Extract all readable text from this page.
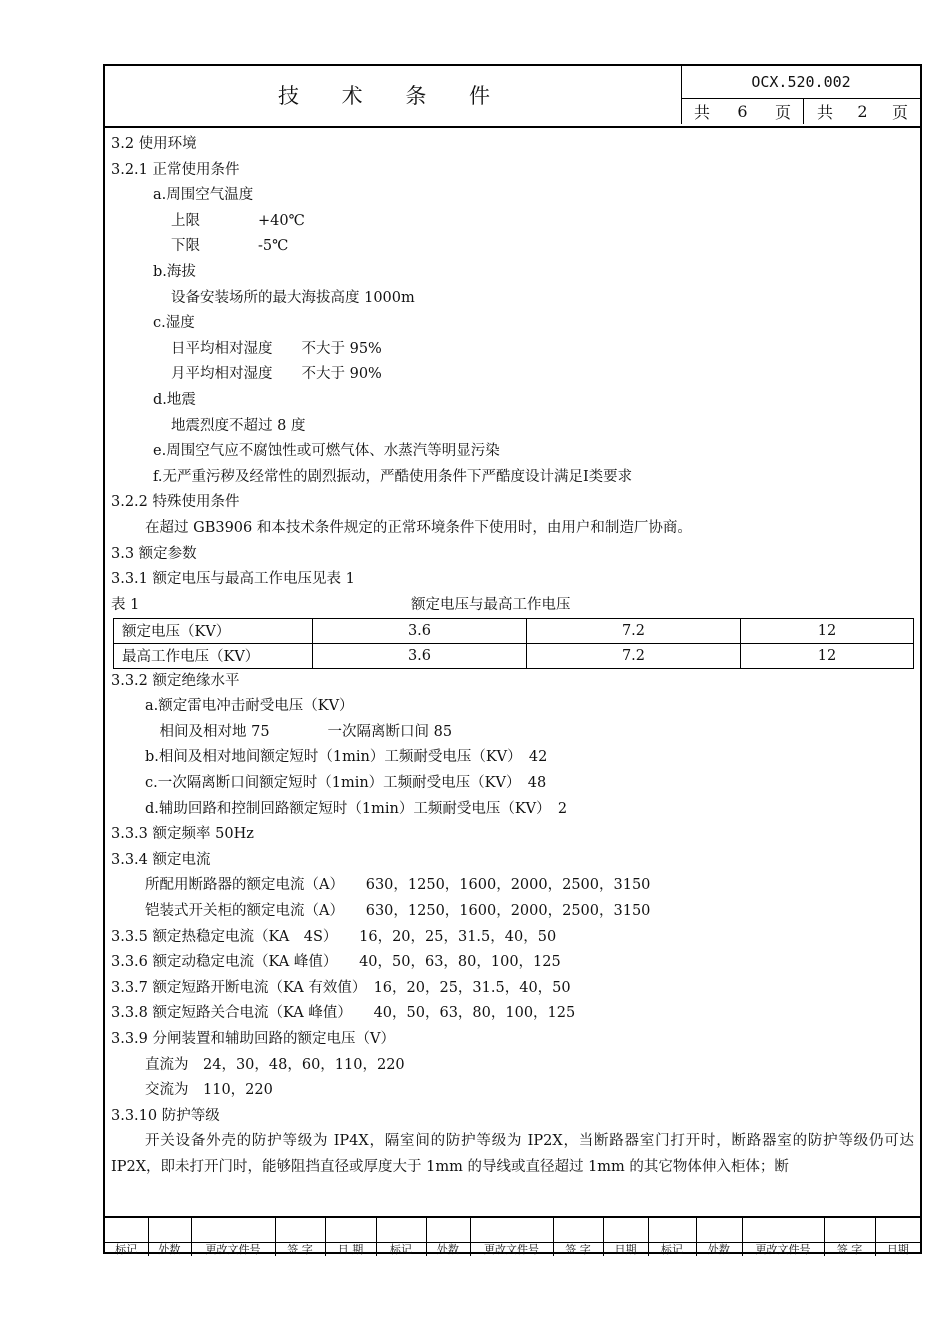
技 术 条 件
OCX.520.002
共 6 页 共 2 页
3.2 使用环境
3.2.1 正常使用条件
a.周围空气温度
上限　　　　+40℃
下限　　　　-5℃
b.海拔
设备安装场所的最大海拔高度 1000m
c.湿度
日平均相对湿度　　不大于 95%
月平均相对湿度　　不大于 90%
d.地震
地震烈度不超过 8 度
e.周围空气应不腐蚀性或可燃气体、水蒸汽等明显污染
f.无严重污秽及经常性的剧烈振动，严酷使用条件下严酷度设计满足Ⅰ类要求
3.2.2 特殊使用条件
在超过 GB3906 和本技术条件规定的正常环境条件下使用时，由用户和制造厂协商。
3.3 额定参数
3.3.1 额定电压与最高工作电压见表 1
表 1	额定电压与最高工作电压
额定电压（KV）	3.6	7.2	12
最高工作电压（KV）	3.6	7.2	12
3.3.2 额定绝缘水平
a.额定雷电冲击耐受电压（KV）
　相间及相对地 75　　　　一次隔离断口间 85
b.相间及相对地间额定短时（1min）工频耐受电压（KV）　42
c.一次隔离断口间额定短时（1min）工频耐受电压（KV）　48
d.辅助回路和控制回路额定短时（1min）工频耐受电压（KV）　2
3.3.3 额定频率 50Hz
3.3.4 额定电流
所配用断路器的额定电流（A）　　630，1250，1600，2000，2500，3150
铠装式开关柜的额定电流（A）　　630，1250，1600，2000，2500，3150
3.3.5 额定热稳定电流（KA　4S）　　16，20，25，31.5，40，50
3.3.6 额定动稳定电流（KA 峰值）　　40，50，63，80，100，125
3.3.7 额定短路开断电流（KA 有效值）　16，20，25，31.5，40，50
3.3.8 额定短路关合电流（KA 峰值）　　40，50，63，80，100，125
3.3.9 分闸装置和辅助回路的额定电压（V）
直流为　24，30，48，60，110，220
交流为　110，220
3.3.10 防护等级
开关设备外壳的防护等级为 IP4X，隔室间的防护等级为 IP2X，当断路器室门打开时，断路器室的防护等级仍可达 IP2X，即未打开门时，能够阻挡直径或厚度大于 1mm 的导线或直径超过 1mm 的其它物体伸入柜体；断

标记	处数	更改文件号	签 字	日 期	标记	处数	更改文件号	签 字	日期	标记	处数	更改文件号	签 字	日期
